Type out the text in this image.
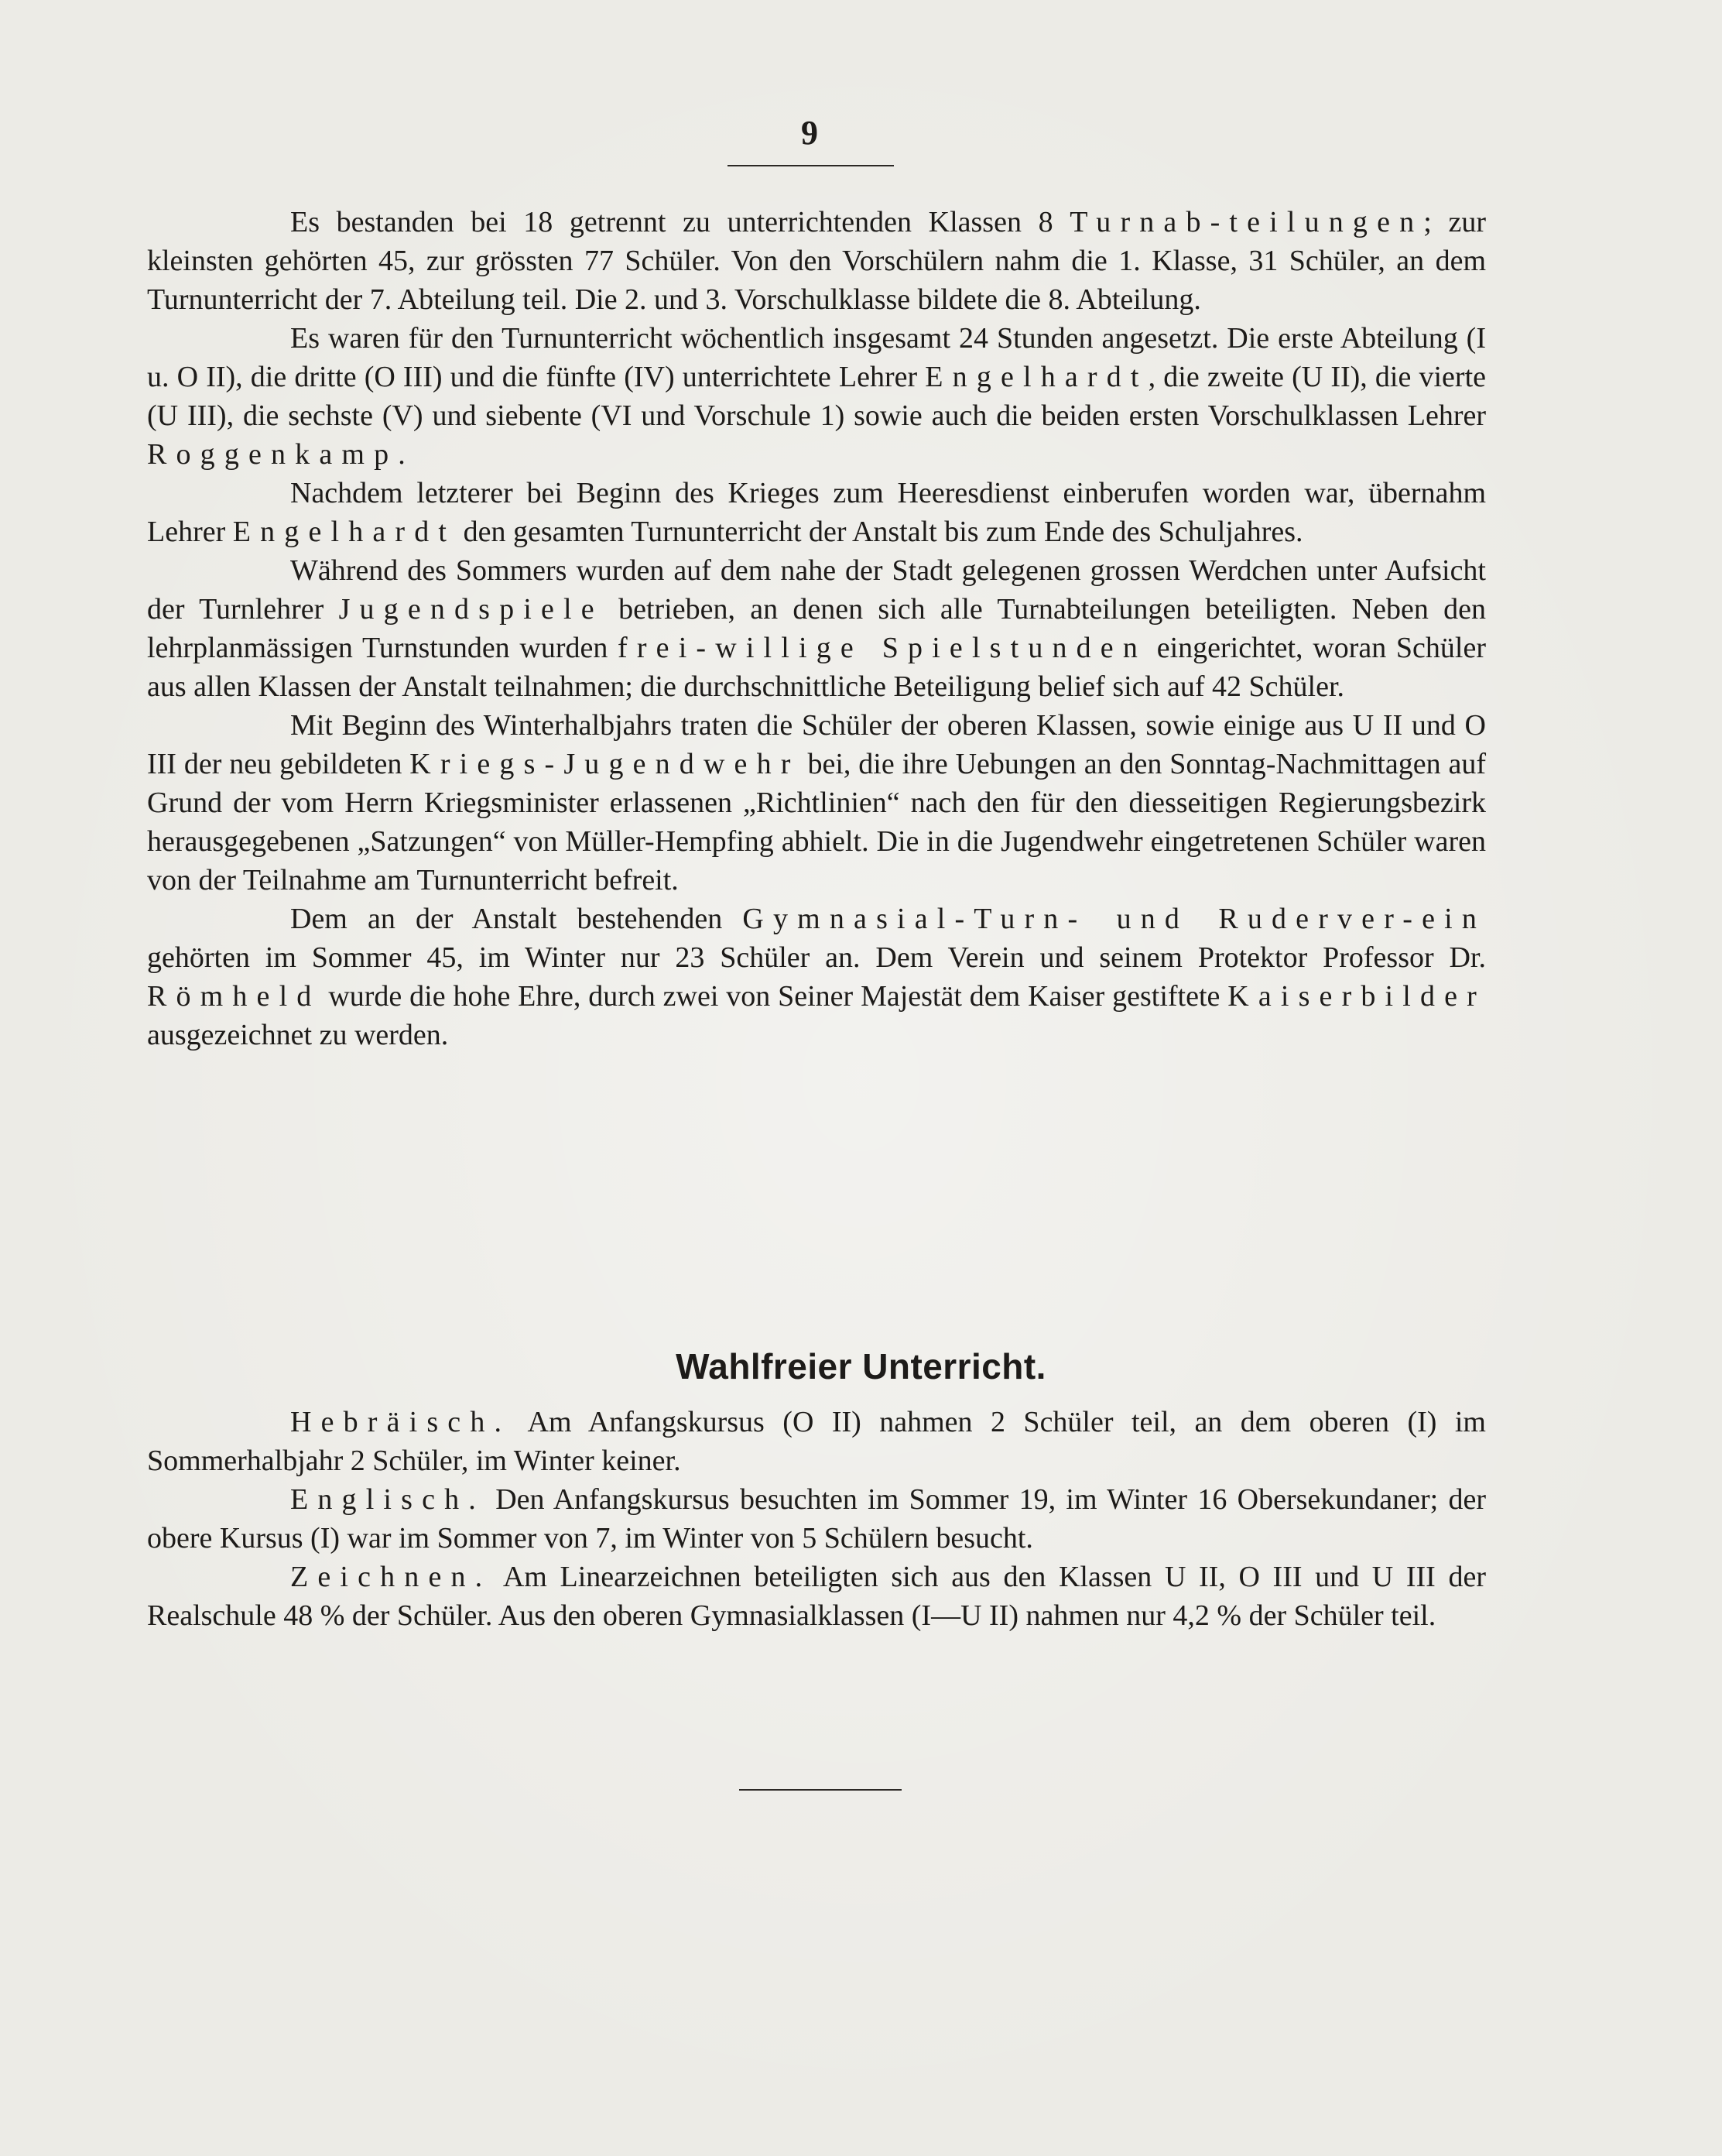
9

Es bestanden bei 18 getrennt zu unterrichtenden Klassen 8 Turnab-teilungen; zur kleinsten gehörten 45, zur grössten 77 Schüler. Von den Vorschülern nahm die 1. Klasse, 31 Schüler, an dem Turnunterricht der 7. Abteilung teil. Die 2. und 3. Vorschulklasse bildete die 8. Abteilung.

Es waren für den Turnunterricht wöchentlich insgesamt 24 Stunden angesetzt. Die erste Abteilung (I u. O II), die dritte (O III) und die fünfte (IV) unterrichtete Lehrer Engelhardt, die zweite (U II), die vierte (U III), die sechste (V) und siebente (VI und Vorschule 1) sowie auch die beiden ersten Vorschulklassen Lehrer Roggenkamp.

Nachdem letzterer bei Beginn des Krieges zum Heeresdienst einberufen worden war, übernahm Lehrer Engelhardt den gesamten Turnunterricht der Anstalt bis zum Ende des Schuljahres.

Während des Sommers wurden auf dem nahe der Stadt gelegenen grossen Werdchen unter Aufsicht der Turnlehrer Jugendspiele betrieben, an denen sich alle Turnabteilungen beteiligten. Neben den lehrplanmässigen Turnstunden wurden frei-willige Spielstunden eingerichtet, woran Schüler aus allen Klassen der Anstalt teilnahmen; die durchschnittliche Beteiligung belief sich auf 42 Schüler.

Mit Beginn des Winterhalbjahrs traten die Schüler der oberen Klassen, sowie einige aus U II und O III der neu gebildeten Kriegs-Jugendwehr bei, die ihre Uebungen an den Sonntag-Nachmittagen auf Grund der vom Herrn Kriegsminister erlassenen „Richtlinien“ nach den für den diesseitigen Regierungsbezirk herausgegebenen „Satzungen“ von Müller-Hempfing abhielt. Die in die Jugendwehr eingetretenen Schüler waren von der Teilnahme am Turnunterricht befreit.

Dem an der Anstalt bestehenden Gymnasial-Turn- und Ruderver-ein gehörten im Sommer 45, im Winter nur 23 Schüler an. Dem Verein und seinem Protektor Professor Dr. Römheld wurde die hohe Ehre, durch zwei von Seiner Majestät dem Kaiser gestiftete Kaiserbilder ausgezeichnet zu werden.

Wahlfreier Unterricht.

Hebräisch. Am Anfangskursus (O II) nahmen 2 Schüler teil, an dem oberen (I) im Sommerhalbjahr 2 Schüler, im Winter keiner.

Englisch. Den Anfangskursus besuchten im Sommer 19, im Winter 16 Obersekundaner; der obere Kursus (I) war im Sommer von 7, im Winter von 5 Schülern besucht.

Zeichnen. Am Linearzeichnen beteiligten sich aus den Klassen U II, O III und U III der Realschule 48 % der Schüler. Aus den oberen Gymnasialklassen (I—U II) nahmen nur 4,2 % der Schüler teil.
